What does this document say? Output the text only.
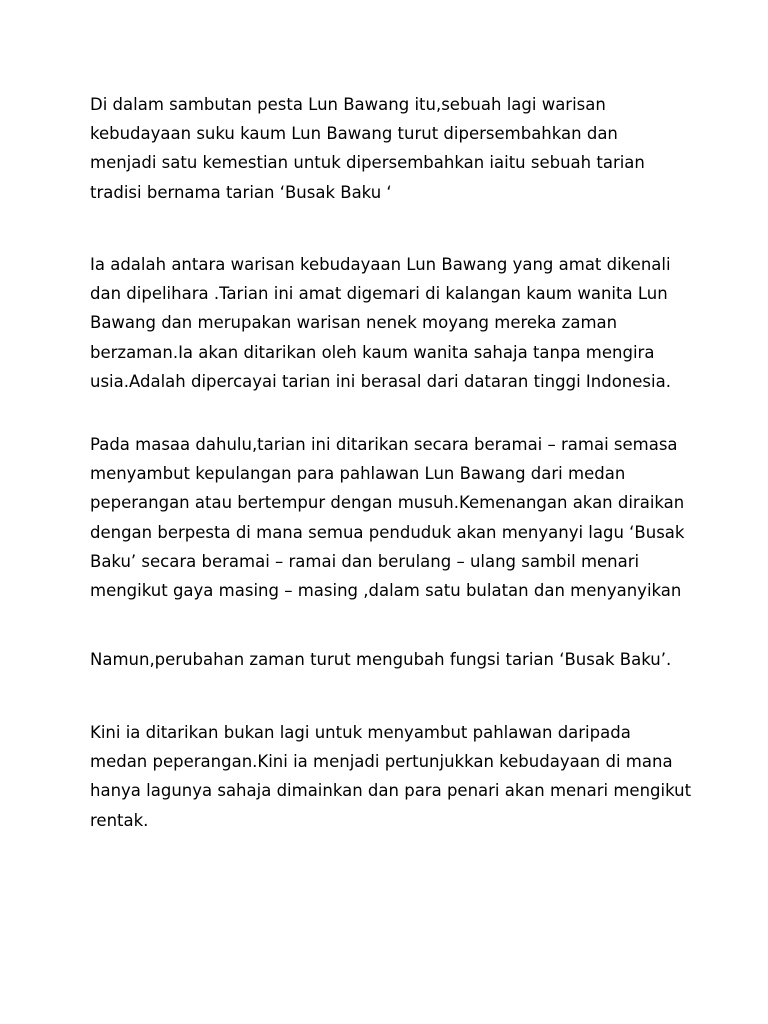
Di dalam sambutan pesta Lun Bawang itu,sebuah lagi warisan
kebudayaan suku kaum Lun Bawang turut dipersembahkan dan
menjadi satu kemestian untuk dipersembahkan iaitu sebuah tarian
tradisi bernama tarian ‘Busak Baku ‘

Ia adalah antara warisan kebudayaan Lun Bawang yang amat dikenali
dan dipelihara .Tarian ini amat digemari di kalangan kaum wanita Lun
Bawang dan merupakan warisan nenek moyang mereka zaman
berzaman.Ia akan ditarikan oleh kaum wanita sahaja tanpa mengira
usia.Adalah dipercayai tarian ini berasal dari dataran tinggi Indonesia.

Pada masaa dahulu,tarian ini ditarikan secara beramai – ramai semasa
menyambut kepulangan para pahlawan Lun Bawang dari medan
peperangan atau bertempur dengan musuh.Kemenangan akan diraikan
dengan berpesta di mana semua penduduk akan menyanyi lagu ‘Busak
Baku’ secara beramai – ramai dan berulang – ulang sambil menari
mengikut gaya masing – masing ,dalam satu bulatan dan menyanyikan

Namun,perubahan zaman turut mengubah fungsi tarian ‘Busak Baku’.

Kini ia ditarikan bukan lagi untuk menyambut pahlawan daripada
medan peperangan.Kini ia menjadi pertunjukkan kebudayaan di mana
hanya lagunya sahaja dimainkan dan para penari akan menari mengikut
rentak.
